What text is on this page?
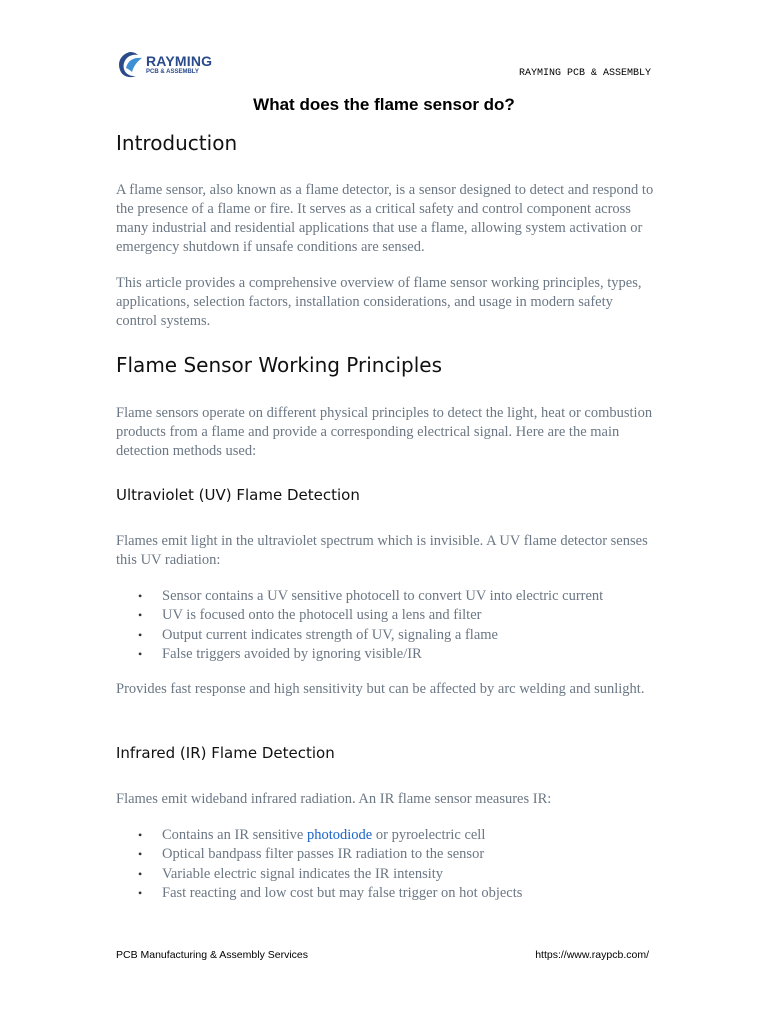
RAYMING
PCB & ASSEMBLY	RAYMING PCB & ASSEMBLY
What does the flame sensor do?
Introduction

A flame sensor, also known as a flame detector, is a sensor designed to detect and respond to the presence of a flame or fire. It serves as a critical safety and control component across many industrial and residential applications that use a flame, allowing system activation or emergency shutdown if unsafe conditions are sensed.

This article provides a comprehensive overview of flame sensor working principles, types, applications, selection factors, installation considerations, and usage in modern safety control systems.

Flame Sensor Working Principles

Flame sensors operate on different physical principles to detect the light, heat or combustion products from a flame and provide a corresponding electrical signal. Here are the main detection methods used:

Ultraviolet (UV) Flame Detection

Flames emit light in the ultraviolet spectrum which is invisible. A UV flame detector senses this UV radiation:

• Sensor contains a UV sensitive photocell to convert UV into electric current
• UV is focused onto the photocell using a lens and filter
• Output current indicates strength of UV, signaling a flame
• False triggers avoided by ignoring visible/IR

Provides fast response and high sensitivity but can be affected by arc welding and sunlight.

Infrared (IR) Flame Detection

Flames emit wideband infrared radiation. An IR flame sensor measures IR:

• Contains an IR sensitive photodiode or pyroelectric cell
• Optical bandpass filter passes IR radiation to the sensor
• Variable electric signal indicates the IR intensity
• Fast reacting and low cost but may false trigger on hot objects
PCB Manufacturing & Assembly Services	https://www.raypcb.com/
